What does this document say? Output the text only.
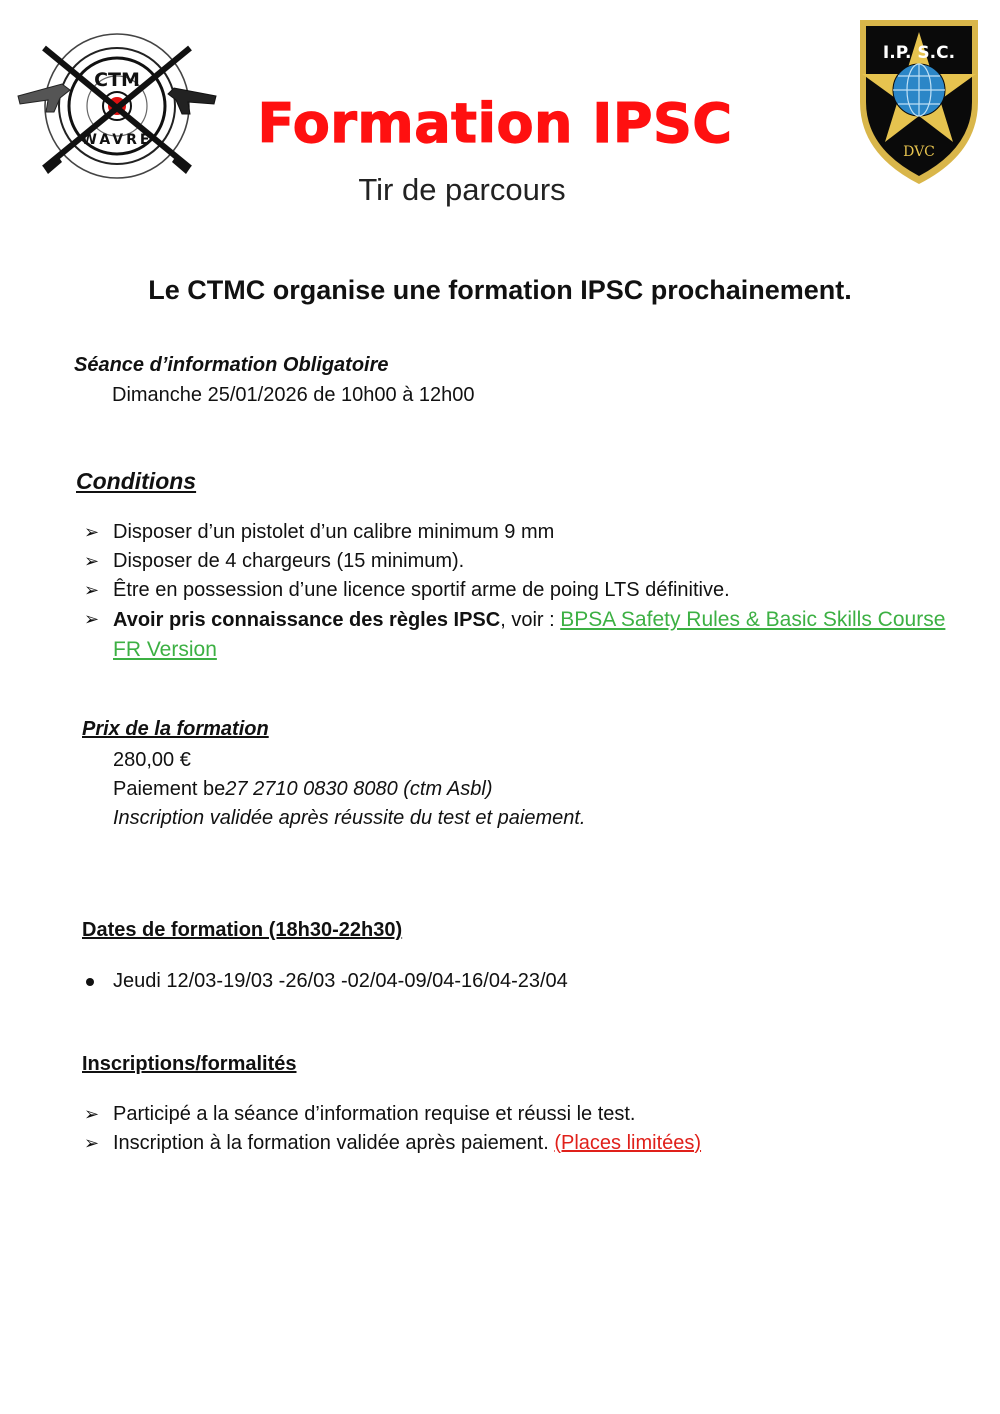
CTM
WAVRE	Formation IPSC
Tir de parcours
I.P. S.C.
DVC
Le CTMC organise une formation IPSC prochainement.
Séance d’information Obligatoire
Dimanche 25/01/2026 de 10h00 à 12h00
Conditions
➢ Disposer d’un pistolet d’un calibre minimum 9 mm
➢ Disposer de 4 chargeurs (15 minimum).
➢ Être en possession d’une licence sportif arme de poing LTS définitive.
➢ Avoir pris connaissance des règles IPSC, voir : BPSA Safety Rules & Basic Skills Course FR Version
Prix de la formation
280,00 €
Paiement be27 2710 0830 8080 (ctm Asbl)
Inscription validée après réussite du test et paiement.
Dates de formation (18h30-22h30)
Jeudi 12/03-19/03 -26/03 -02/04-09/04-16/04-23/04
Inscriptions/formalités
➢ Participé a la séance d’information requise et réussi le test.
➢ Inscription à la formation validée après paiement. (Places limitées)
